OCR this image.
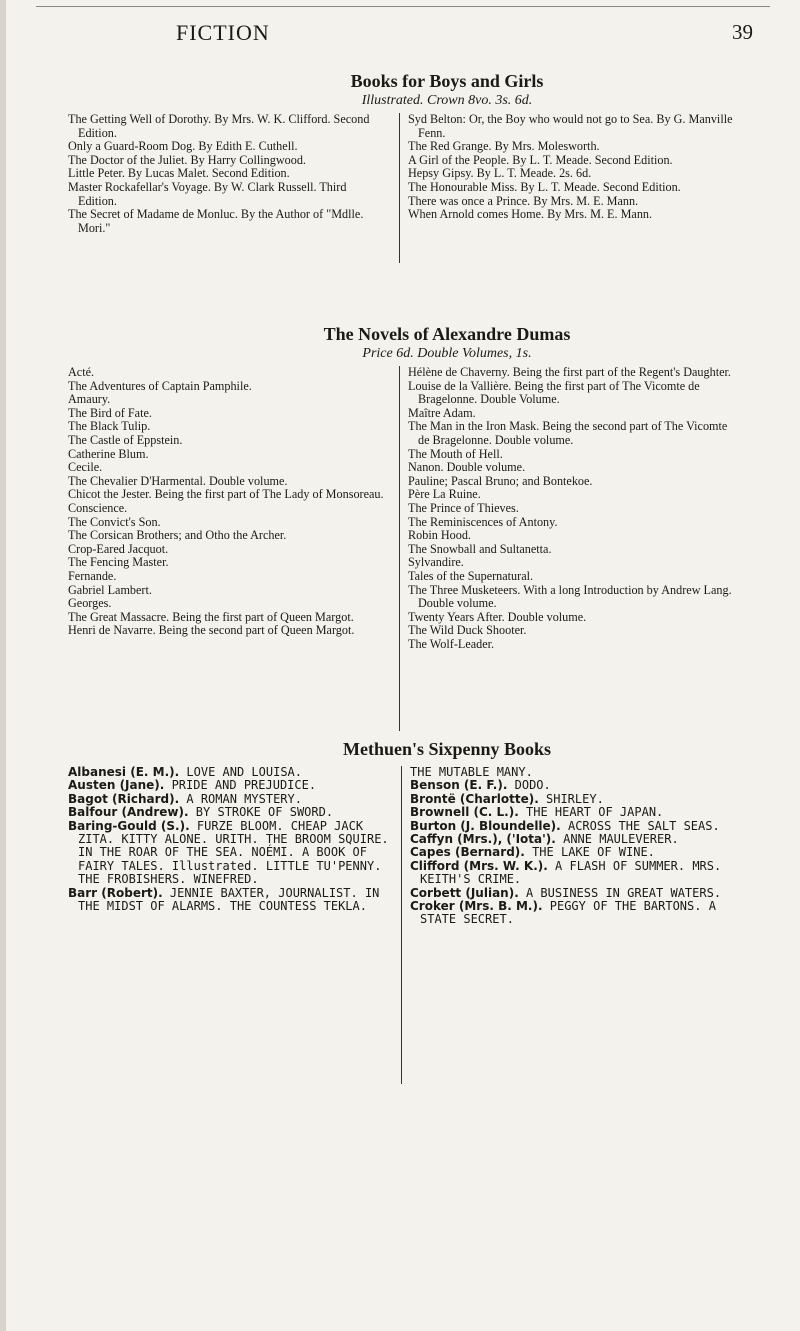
FICTION	39
Books for Boys and Girls
Illustrated. Crown 8vo. 3s. 6d.
The Getting Well of Dorothy. By Mrs. W. K. Clifford. Second Edition.
Only a Guard-Room Dog. By Edith E. Cuthell.
The Doctor of the Juliet. By Harry Collingwood.
Little Peter. By Lucas Malet. Second Edition.
Master Rockafellar's Voyage. By W. Clark Russell. Third Edition.
The Secret of Madame de Monluc. By the Author of "Mdlle. Mori."
Syd Belton: Or, the Boy who would not go to Sea. By G. Manville Fenn.
The Red Grange. By Mrs. Molesworth.
A Girl of the People. By L. T. Meade. Second Edition.
Hepsy Gipsy. By L. T. Meade. 2s. 6d.
The Honourable Miss. By L. T. Meade. Second Edition.
There was once a Prince. By Mrs. M. E. Mann.
When Arnold comes Home. By Mrs. M. E. Mann.
The Novels of Alexandre Dumas
Price 6d. Double Volumes, 1s.
Acté.
The Adventures of Captain Pamphile.
Amaury.
The Bird of Fate.
The Black Tulip.
The Castle of Eppstein.
Catherine Blum.
Cecile.
The Chevalier D'Harmental. Double volume.
Chicot the Jester. Being the first part of The Lady of Monsoreau.
Conscience.
The Convict's Son.
The Corsican Brothers; and Otho the Archer.
Crop-Eared Jacquot.
The Fencing Master.
Fernande.
Gabriel Lambert.
Georges.
The Great Massacre. Being the first part of Queen Margot.
Henri de Navarre. Being the second part of Queen Margot.
Hélène de Chaverny. Being the first part of the Regent's Daughter.
Louise de la Vallière. Being the first part of The Vicomte de Bragelonne. Double Volume.
Maître Adam.
The Man in the Iron Mask. Being the second part of The Vicomte de Bragelonne. Double volume.
The Mouth of Hell.
Nanon. Double volume.
Pauline; Pascal Bruno; and Bontekoe.
Père La Ruine.
The Prince of Thieves.
The Reminiscences of Antony.
Robin Hood.
The Snowball and Sultanetta.
Sylvandire.
Tales of the Supernatural.
The Three Musketeers. With a long Introduction by Andrew Lang. Double volume.
Twenty Years After. Double volume.
The Wild Duck Shooter.
The Wolf-Leader.
Methuen's Sixpenny Books
Albanesi (E. M.). LOVE AND LOUISA.
Austen (Jane). PRIDE AND PREJUDICE.
Bagot (Richard). A ROMAN MYSTERY.
Balfour (Andrew). BY STROKE OF SWORD.
Baring-Gould (S.). FURZE BLOOM. CHEAP JACK ZITA. KITTY ALONE. URITH. THE BROOM SQUIRE. IN THE ROAR OF THE SEA. NOÉMI. A BOOK OF FAIRY TALES. Illustrated. LITTLE TU'PENNY. THE FROBISHERS. WINEFRED.
Barr (Robert). JENNIE BAXTER, JOURNALIST. IN THE MIDST OF ALARMS. THE COUNTESS TEKLA.
THE MUTABLE MANY.
Benson (E. F.). DODO.
Brontë (Charlotte). SHIRLEY.
Brownell (C. L.). THE HEART OF JAPAN.
Burton (J. Bloundelle). ACROSS THE SALT SEAS.
Caffyn (Mrs.), ('Iota'). ANNE MAULEVERER.
Capes (Bernard). THE LAKE OF WINE.
Clifford (Mrs. W. K.). A FLASH OF SUMMER. MRS. KEITH'S CRIME.
Corbett (Julian). A BUSINESS IN GREAT WATERS.
Croker (Mrs. B. M.). PEGGY OF THE BARTONS. A STATE SECRET.
